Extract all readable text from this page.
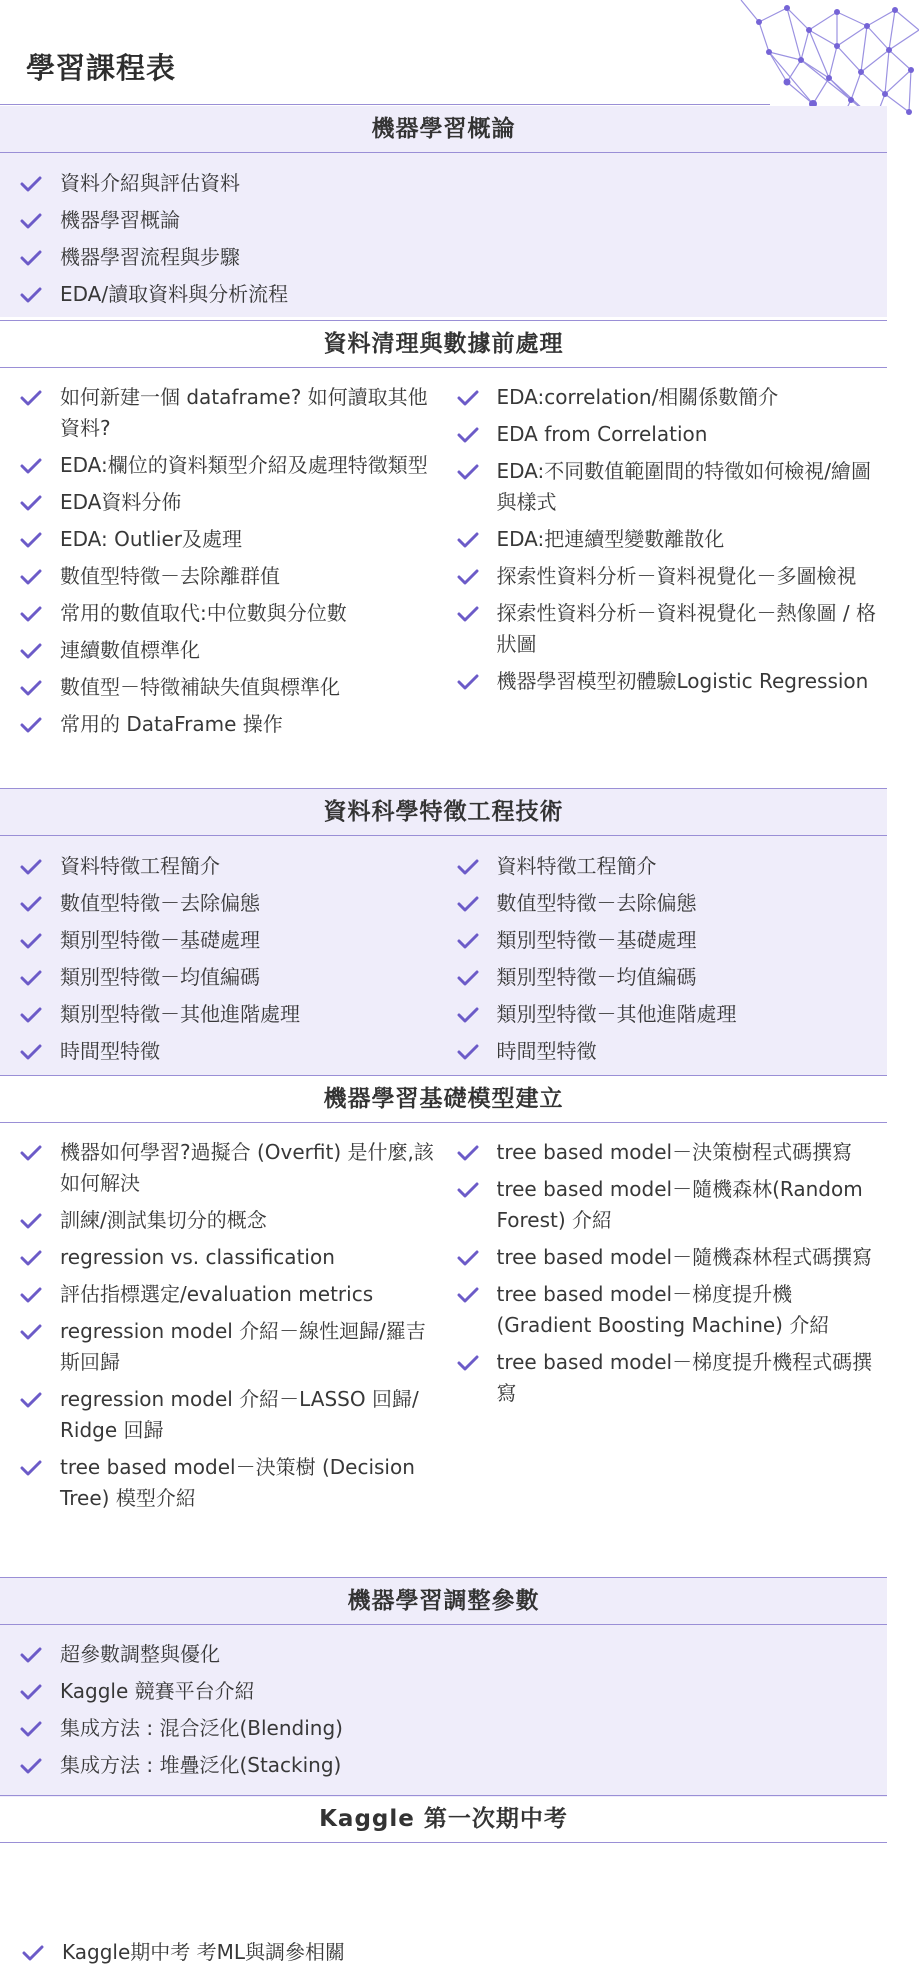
學習課程表
機器學習概論
資料介紹與評估資料
機器學習概論
機器學習流程與步驟
EDA/讀取資料與分析流程
資料清理與數據前處理
如何新建一個 dataframe? 如何讀取其他資料?
EDA:欄位的資料類型介紹及處理特徵類型
EDA資料分佈
EDA: Outlier及處理
數值型特徵－去除離群值
常用的數值取代:中位數與分位數
連續數值標準化
數值型－特徵補缺失值與標準化
常用的 DataFrame 操作
EDA:correlation/相關係數簡介
EDA from Correlation
EDA:不同數值範圍間的特徵如何檢視/繪圖與樣式
EDA:把連續型變數離散化
探索性資料分析－資料視覺化－多圖檢視
探索性資料分析－資料視覺化－熱像圖 / 格狀圖
機器學習模型初體驗Logistic Regression
資料科學特徵工程技術
資料特徵工程簡介
數值型特徵－去除偏態
類別型特徵－基礎處理
類別型特徵－均值編碼
類別型特徵－其他進階處理
時間型特徵
資料特徵工程簡介
數值型特徵－去除偏態
類別型特徵－基礎處理
類別型特徵－均值編碼
類別型特徵－其他進階處理
時間型特徵
機器學習基礎模型建立
機器如何學習?過擬合 (Overfit) 是什麼,該如何解決
訓練/測試集切分的概念
regression vs. classification
評估指標選定/evaluation metrics
regression model 介紹－線性迴歸/羅吉斯回歸
regression model 介紹－LASSO 回歸/ Ridge 回歸
tree based model－決策樹 (Decision Tree) 模型介紹
tree based model－決策樹程式碼撰寫
tree based model－隨機森林(Random Forest) 介紹
tree based model－隨機森林程式碼撰寫
tree based model－梯度提升機(Gradient Boosting Machine) 介紹
tree based model－梯度提升機程式碼撰寫
機器學習調整參數
超參數調整與優化
Kaggle 競賽平台介紹
集成方法 : 混合泛化(Blending)
集成方法 : 堆疊泛化(Stacking)
Kaggle 第一次期中考
Kaggle期中考 考ML與調參相關
